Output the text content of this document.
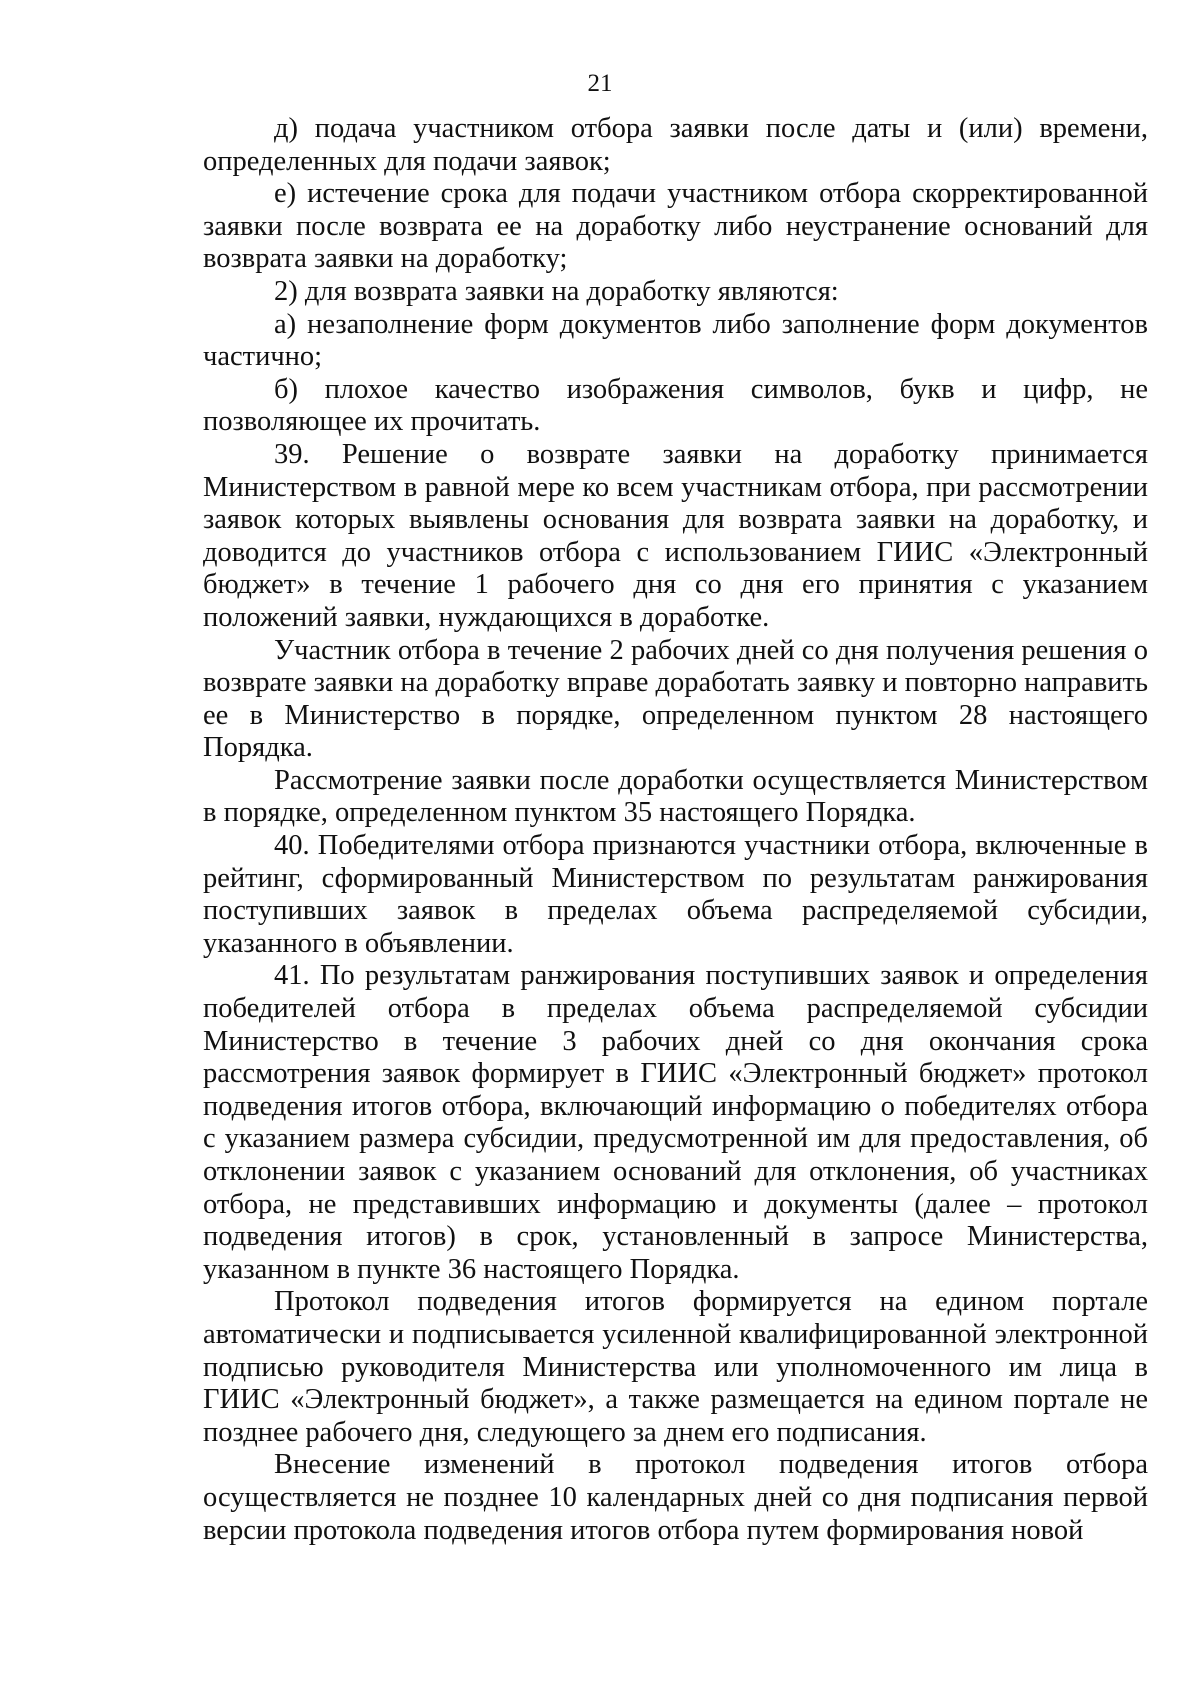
21

д) подача участником отбора заявки после даты и (или) времени, определенных для подачи заявок;

е) истечение срока для подачи участником отбора скорректированной заявки после возврата ее на доработку либо неустранение оснований для возврата заявки на доработку;

2) для возврата заявки на доработку являются:

а) незаполнение форм документов либо заполнение форм документов частично;

б) плохое качество изображения символов, букв и цифр, не позволяющее их прочитать.

39. Решение о возврате заявки на доработку принимается Министерством в равной мере ко всем участникам отбора, при рассмотрении заявок которых выявлены основания для возврата заявки на доработку, и доводится до участников отбора с использованием ГИИС «Электронный бюджет» в течение 1 рабочего дня со дня его принятия с указанием положений заявки, нуждающихся в доработке.

Участник отбора в течение 2 рабочих дней со дня получения решения о возврате заявки на доработку вправе доработать заявку и повторно направить ее в Министерство в порядке, определенном пунктом 28 настоящего Порядка.

Рассмотрение заявки после доработки осуществляется Министерством в порядке, определенном пунктом 35 настоящего Порядка.

40. Победителями отбора признаются участники отбора, включенные в рейтинг, сформированный Министерством по результатам ранжирования поступивших заявок в пределах объема распределяемой субсидии, указанного в объявлении.

41. По результатам ранжирования поступивших заявок и определения победителей отбора в пределах объема распределяемой субсидии Министерство в течение 3 рабочих дней со дня окончания срока рассмотрения заявок формирует в ГИИС «Электронный бюджет» протокол подведения итогов отбора, включающий информацию о победителях отбора с указанием размера субсидии, предусмотренной им для предоставления, об отклонении заявок с указанием оснований для отклонения, об участниках отбора, не представивших информацию и документы (далее – протокол подведения итогов) в срок, установленный в запросе Министерства, указанном в пункте 36 настоящего Порядка.

Протокол подведения итогов формируется на едином портале автоматически и подписывается усиленной квалифицированной электронной подписью руководителя Министерства или уполномоченного им лица в ГИИС «Электронный бюджет», а также размещается на едином портале не позднее рабочего дня, следующего за днем его подписания.

Внесение изменений в протокол подведения итогов отбора осуществляется не позднее 10 календарных дней со дня подписания первой версии протокола подведения итогов отбора путем формирования новой
